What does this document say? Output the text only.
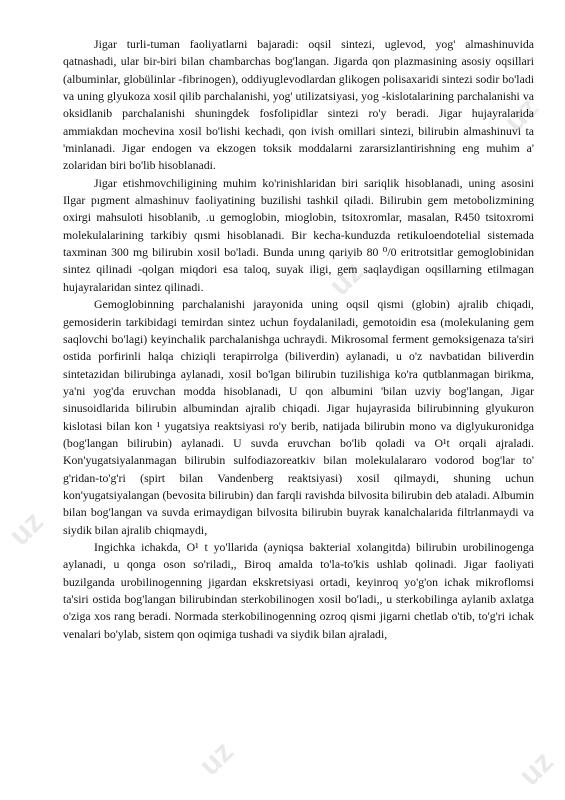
uz
uz
uz
uz	uz

Jigar turli-tuman faoliyatlarni bajaradi: oqsil sintezi, uglevod, yog' almashinuvida qatnashadi, ular bir-biri bilan chambarchas bog'langan. Jigarda qon plazmasining asosiy oqsillari (albuminlar, globülinlar -fibrinogen), oddiyuglevodlardan glikogen polisaxaridi sintezi sodir bo'ladi va uning glyukoza xosil qilib parchalanishi, yog' utilizatsiyasi, yog -kislotalarining parchalanishi va oksidlanib parchalanishi shuningdek fosfolipidlar sintezi ro'y beradi. Jigar hujayralarida ammiakdan mochevina xosil bo'lishi kechadi, qon ivish omillari sintezi, bilirubin almashinuvi ta 'minlanadi. Jigar endogen va ekzogen toksik moddalarni zararsizlantirishning eng muhim a' zolaridan biri bo'lib hisoblanadi.

Jigar etishmovchiligining muhim ko'rinishlaridan biri sariqlik hisoblanadi, uning asosini Ilgar pıgment almashinuv faoliyatining buzilishi tashkil qiladi. Bilirubin gem metobolizmining oxirgi mahsuloti hisoblanib, .u gemoglobin, mioglobin, tsitoxromlar, masalan, R450 tsitoxromi molekulalarining tarkibiy qısmi hisoblanadi. Bir kecha-kunduzda retikuloendotelial sistemada taxminan 300 mg bilirubin xosil bo'ladi. Bunda unıng qariyib 80 ⁰/0 eritrotsitlar gemoglobinidan sintez qilinadi -qolgan miqdori esa taloq, suyak iligi, gem saqlaydigan oqsillarning etilmagan hujayralaridan sintez qilinadi.

Gemoglobinning parchalanishi jarayonida uning oqsil qismi (globin) ajralib chiqadi, gemosiderin tarkibidagi temirdan sintez uchun foydalaniladi, gemotoidin esa (molekulaning gem saqlovchi bo'lagi) keyinchalik parchalanishga uchraydi. Mikrosomal ferment gemoksigenaza ta'siri ostida porfirinli halqa chiziqli terapirrolga (biliverdin) aylanadi, u o'z navbatidan biliverdin sintetazidan bilirubinga aylanadi, xosil bo'lgan bilirubin tuzilishiga ko'ra qutblanmagan birikma, ya'ni yog'da eruvchan modda hisoblanadi, U qon albumini 'bilan uzviy bog'langan, Jigar sinusoidlarida bilirubin albumindan ajralib chiqadi. Jigar hujayrasida bilirubinning glyukuron kislotasi bilan kon ¹ yugatsiya reaktsiyasi ro'y berib, natijada bilirubin mono va diglyukuronidga (bog'langan bilirubin) aylanadi. U suvda eruvchan bo'lib qoladi va O¹t orqali ajraladi. Kon'yugatsiyalanmagan bilirubin sulfodiazoreatkiv bilan molekulalararo vodorod bog'lar to' g'ridan-to'g'ri (spirt bilan Vandenberg reaktsiyasi) xosil qilmaydi, shuning uchun kon'yugatsiyalangan (bevosita bilirubin) dan farqli ravishda bilvosita bilirubin deb ataladi. Albumin bilan bog'langan va suvda erimaydigan bilvosita bilirubin buyrak kanalchalarida filtrlanmaydi va siydik bilan ajralib chiqmaydi,

Ingichka ichakda, O¹ t yo'llarida (ayniqsa bakterial xolangitda) bilirubin urobilinogenga aylanadi, u qonga oson so'riladi,, Biroq amalda to'la-to'kis ushlab qolinadi. Jigar faoliyati buzilganda urobilinogenning jigardan ekskretsiyasi ortadi, keyinroq yo'g'on ichak mikroflomsi ta'siri ostida bog'langan bilirubindan sterkobilinogen xosil bo'ladi,, u sterkobilinga aylanib axlatga o'ziga xos rang beradi. Normada sterkobilinogenning ozroq qismi jigarni chetlab o'tib, to'g'ri ichak venalari bo'ylab, sistem qon oqimiga tushadi va siydik bilan ajraladi,
